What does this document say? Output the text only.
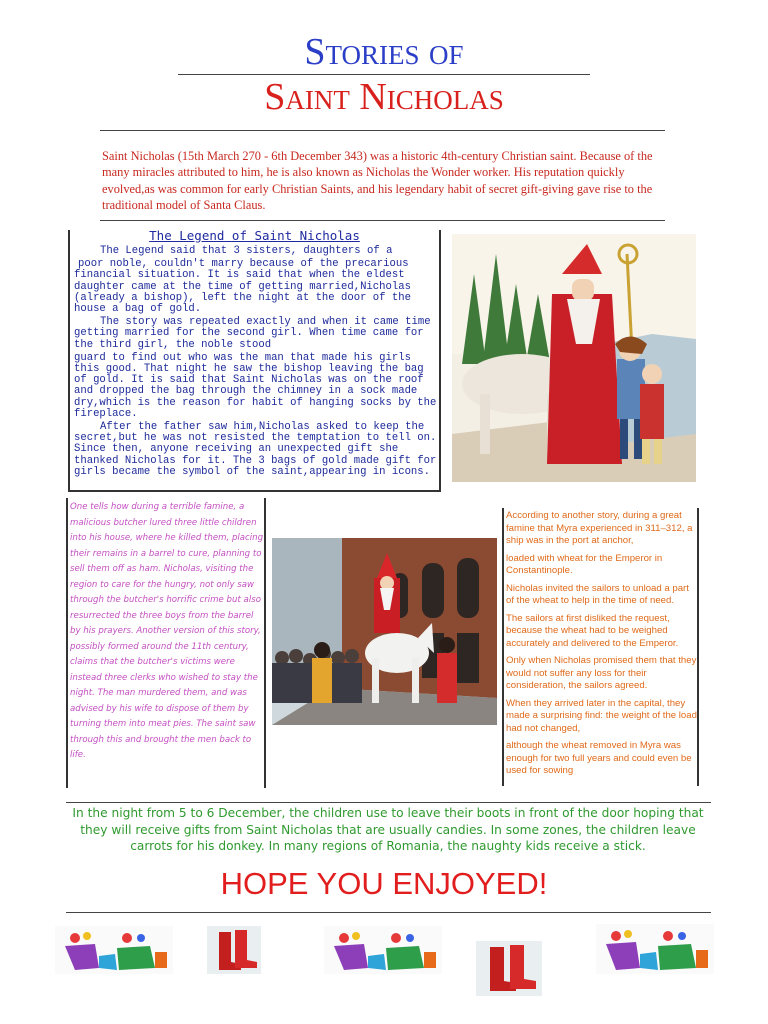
Stories of
Saint Nicholas
Saint Nicholas (15th March 270 - 6th December 343) was a historic 4th-century Christian saint. Because of the many miracles attributed to him, he is also known as Nicholas the Wonder worker. His reputation quickly evolved,as was common for early Christian Saints, and his legendary habit of secret gift-giving gave rise to the traditional model of Santa Claus.
The Legend of Saint Nicholas

The Legend said that 3 sisters, daughters of a

poor noble, couldn't marry because of the precarious financial situation. It is said that when the eldest daughter came at the time of getting married,Nicholas (already a bishop), left the night at the door of the house a bag of gold.

The story was repeated exactly and when it came time getting married for the second girl. When time came for the third girl, the noble stood

guard to find out who was the man that made his girls this good. That night he saw the bishop leaving the bag of gold. It is said that Saint Nicholas was on the roof and dropped the bag through the chimney in a sock made dry,which is the reason for habit of hanging socks by the fireplace.

After the father saw him,Nicholas asked to keep the secret,but he was not resisted the temptation to tell on. Since then, anyone receiving an unexpected gift she thanked Nicholas for it. The 3 bags of gold made gift for girls became the symbol of the saint,appearing in icons.

One tells how during a terrible famine, a malicious butcher lured three little children into his house, where he killed them, placing their remains in a barrel to cure, planning to sell them off as ham. Nicholas, visiting the region to care for the hungry, not only saw through the butcher's horrific crime but also resurrected the three boys from the barrel by his prayers. Another version of this story, possibly formed around the 11th century, claims that the butcher's victims were instead three clerks who wished to stay the night. The man murdered them, and was advised by his wife to dispose of them by turning them into meat pies. The saint saw through this and brought the men back to life.

According to another story, during a great famine that Myra experienced in 311–312, a ship was in the port at anchor,

loaded with wheat for the Emperor in Constantinople.

Nicholas invited the sailors to unload a part of the wheat to help in the time of need.

The sailors at first disliked the request, because the wheat had to be weighed accurately and delivered to the Emperor.

Only when Nicholas promised them that they would not suffer any loss for their consideration, the sailors agreed.

When they arrived later in the capital, they made a surprising find: the weight of the load had not changed,

although the wheat removed in Myra was enough for two full years and could even be used for sowing

In the night from 5 to 6 December, the children use to leave their boots in front of the door hoping that they will receive gifts from Saint Nicholas that are usually candies. In some zones, the children leave carrots for his donkey. In many regions of Romania, the naughty kids receive a stick.
HOPE YOU ENJOYED!
